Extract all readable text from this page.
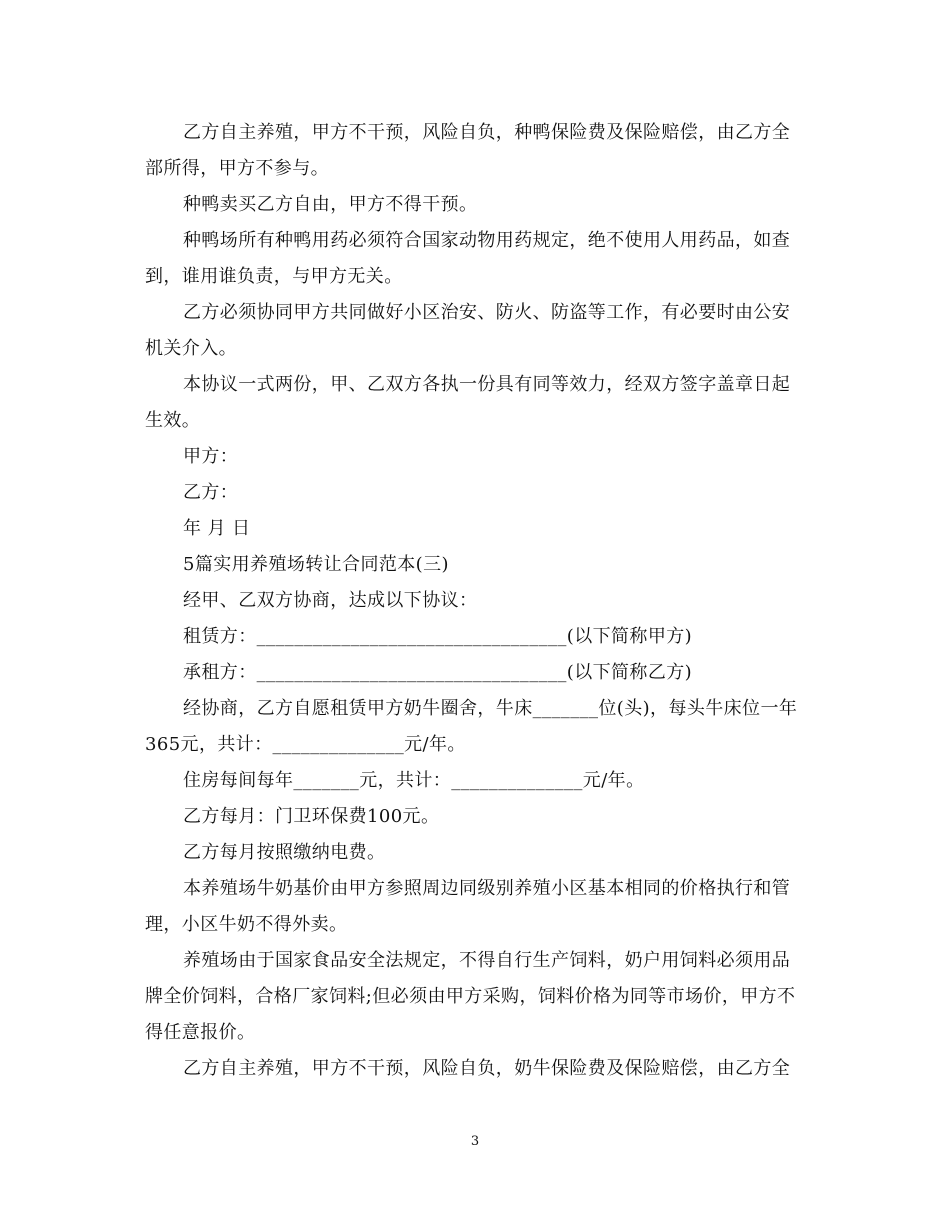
乙方自主养殖，甲方不干预，风险自负，种鸭保险费及保险赔偿，由乙方全部所得，甲方不参与。

种鸭卖买乙方自由，甲方不得干预。

种鸭场所有种鸭用药必须符合国家动物用药规定，绝不使用人用药品，如查到，谁用谁负责，与甲方无关。

乙方必须协同甲方共同做好小区治安、防火、防盗等工作，有必要时由公安机关介入。

本协议一式两份，甲、乙双方各执一份具有同等效力，经双方签字盖章日起生效。

甲方：

乙方：

年 月 日

5篇实用养殖场转让合同范本(三)

经甲、乙双方协商，达成以下协议：

租赁方：_________________________________(以下简称甲方)

承租方：_________________________________(以下简称乙方)

经协商，乙方自愿租赁甲方奶牛圈舍，牛床_______位(头)，每头牛床位一年365元，共计：______________元/年。

住房每间每年_______元，共计：______________元/年。

乙方每月：门卫环保费100元。

乙方每月按照缴纳电费。

本养殖场牛奶基价由甲方参照周边同级别养殖小区基本相同的价格执行和管理，小区牛奶不得外卖。

养殖场由于国家食品安全法规定，不得自行生产饲料，奶户用饲料必须用品牌全价饲料，合格厂家饲料;但必须由甲方采购，饲料价格为同等市场价，甲方不得任意报价。

乙方自主养殖，甲方不干预，风险自负，奶牛保险费及保险赔偿，由乙方全

3
